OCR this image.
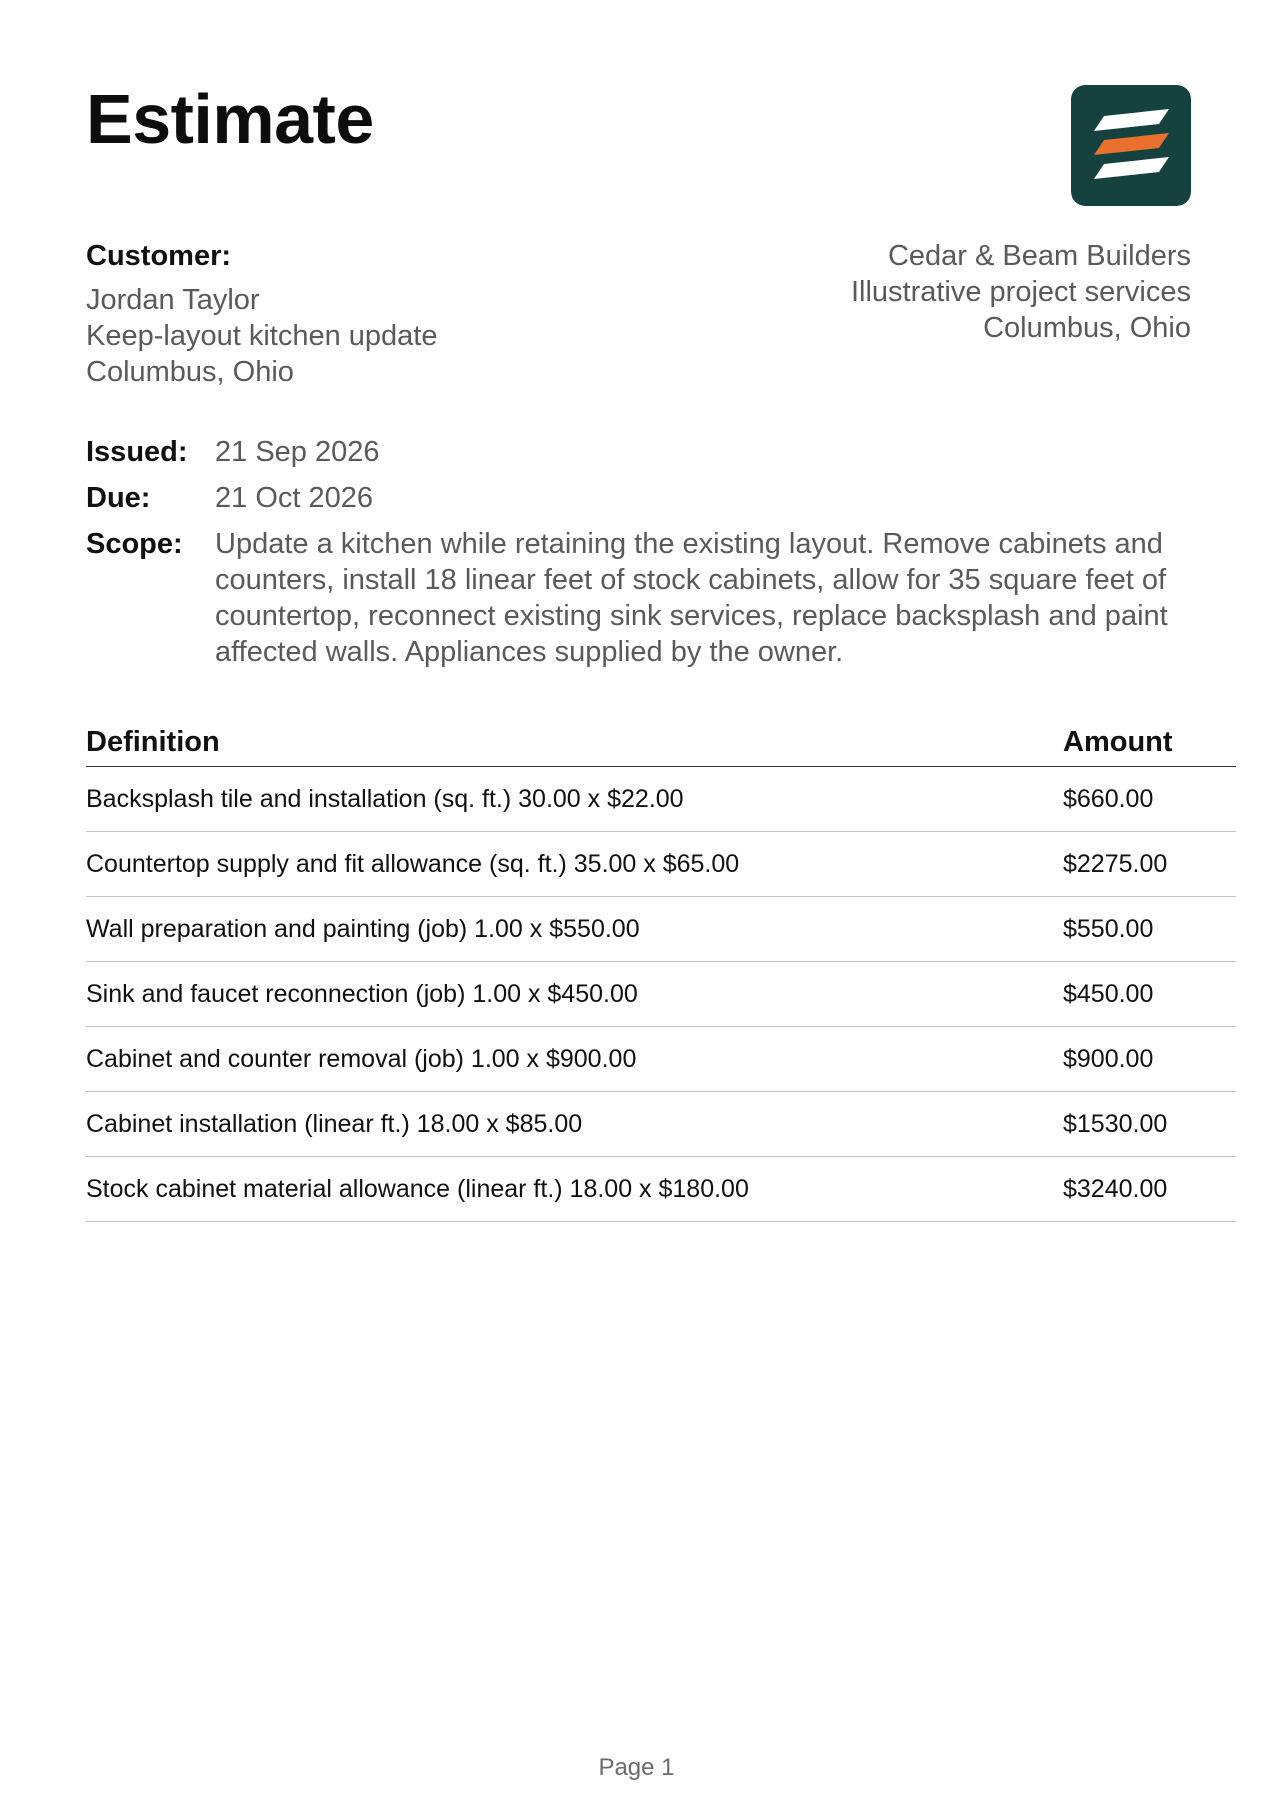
Estimate
Customer:
Jordan Taylor
Keep-layout kitchen update
Columbus, Ohio
Cedar & Beam Builders
Illustrative project services
Columbus, Ohio
Issued: 21 Sep 2026
Due:	21 Oct 2026
Scope:	Update a kitchen while retaining the existing layout. Remove cabinets and counters, install 18 linear feet of stock cabinets, allow for 35 square feet of countertop, reconnect existing sink services, replace backsplash and paint affected walls. Appliances supplied by the owner.
Definition	Amount
Backsplash tile and installation (sq. ft.) 30.00 x $22.00	$660.00
Countertop supply and fit allowance (sq. ft.) 35.00 x $65.00	$2275.00
Wall preparation and painting (job) 1.00 x $550.00	$550.00
Sink and faucet reconnection (job) 1.00 x $450.00	$450.00
Cabinet and counter removal (job) 1.00 x $900.00	$900.00
Cabinet installation (linear ft.) 18.00 x $85.00	$1530.00
Stock cabinet material allowance (linear ft.) 18.00 x $180.00	$3240.00
Page 1
